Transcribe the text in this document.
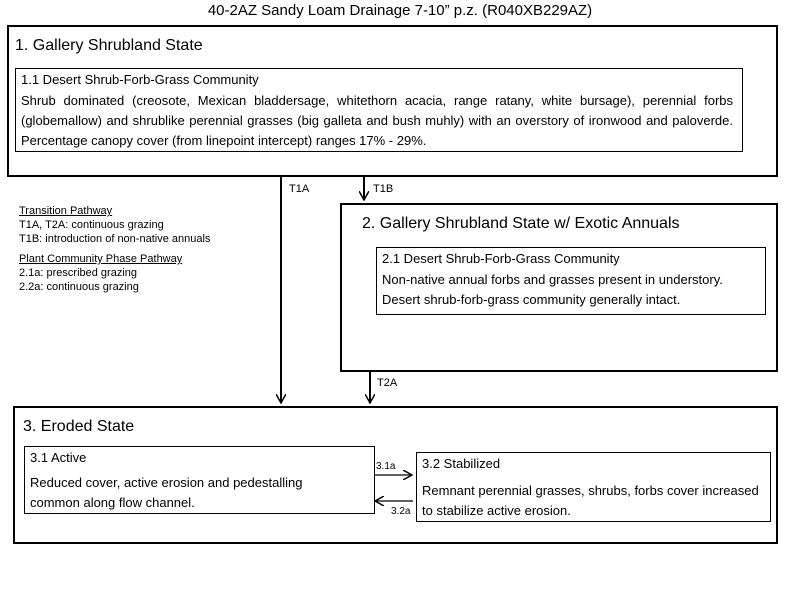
40-2AZ Sandy Loam Drainage 7-10” p.z. (R040XB229AZ)
1. Gallery Shrubland State
1.1 Desert Shrub-Forb-Grass Community
Shrub dominated (creosote, Mexican bladdersage, whitethorn acacia, range ratany, white bursage), perennial forbs (globemallow) and shrublike perennial grasses (big galleta and bush muhly) with an overstory of ironwood and paloverde. Percentage canopy cover (from linepoint intercept) ranges 17% - 29%.
2. Gallery Shrubland State w/ Exotic Annuals
2.1 Desert Shrub-Forb-Grass Community
Non-native annual forbs and grasses present in understory.
Desert shrub-forb-grass community generally intact.
3. Eroded State
3.1 Active
Reduced cover, active erosion and pedestalling common along flow channel.
3.2 Stabilized
Remnant perennial grasses, shrubs, forbs cover increased to stabilize active erosion.
Transition Pathway
T1A, T2A: continuous grazing
T1B: introduction of non-native annuals
Plant Community Phase Pathway
2.1a: prescribed grazing
2.2a: continuous grazing
T1A	T1B
T2A
3.1a
3.2a
